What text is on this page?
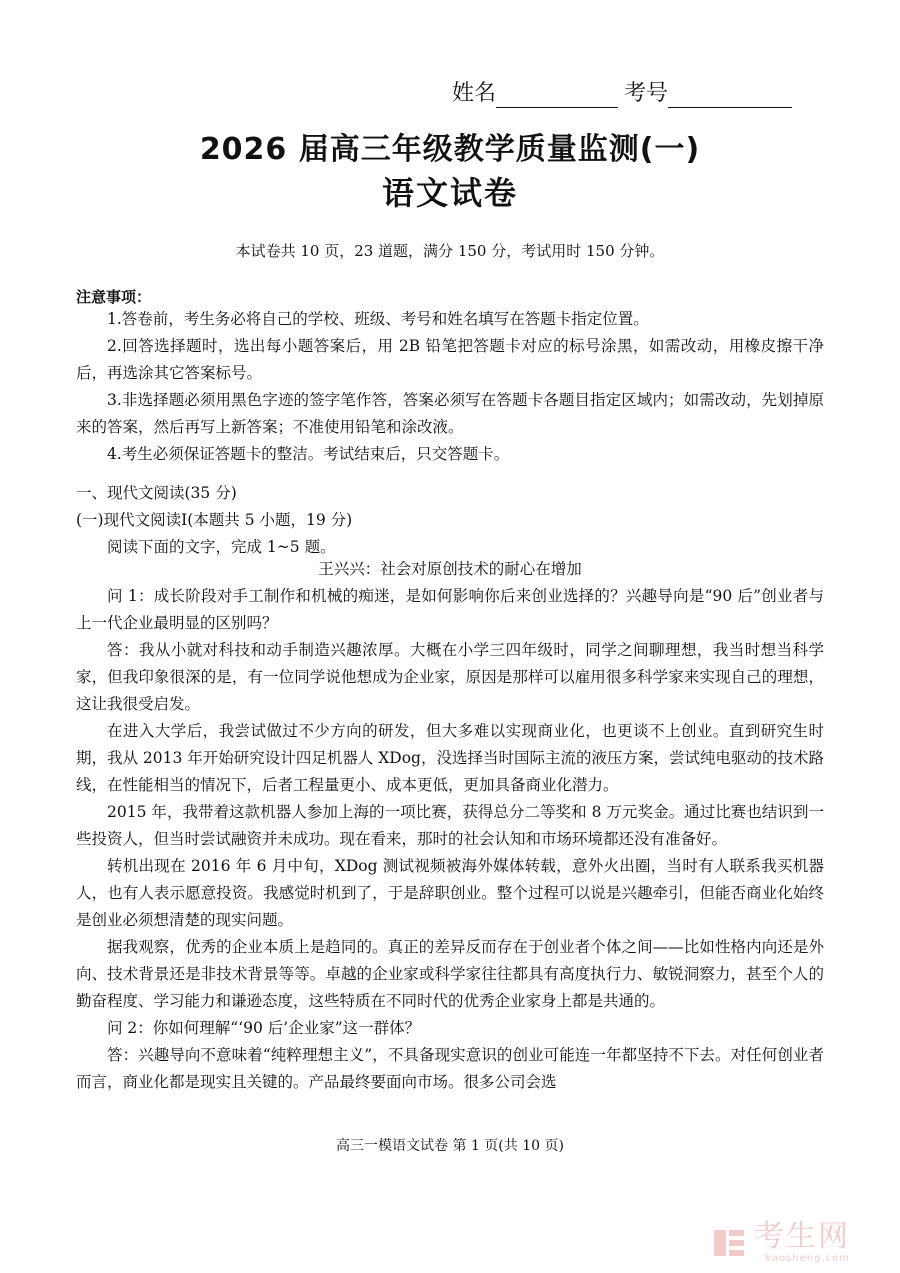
姓名	考号
2026 届高三年级教学质量监测(一)
语文试卷
本试卷共 10 页，23 道题，满分 150 分，考试用时 150 分钟。
注意事项：

1.答卷前，考生务必将自己的学校、班级、考号和姓名填写在答题卡指定位置。

2.回答选择题时，选出每小题答案后，用 2B 铅笔把答题卡对应的标号涂黑，如需改动，用橡皮擦干净后，再选涂其它答案标号。

3.非选择题必须用黑色字迹的签字笔作答，答案必须写在答题卡各题目指定区域内；如需改动，先划掉原来的答案，然后再写上新答案；不准使用铅笔和涂改液。

4.考生必须保证答题卡的整洁。考试结束后，只交答题卡。

一、现代文阅读(35 分)

(一)现代文阅读Ⅰ(本题共 5 小题，19 分)

阅读下面的文字，完成 1~5 题。

王兴兴：社会对原创技术的耐心在增加

问 1：成长阶段对手工制作和机械的痴迷，是如何影响你后来创业选择的？兴趣导向是“90 后”创业者与上一代企业最明显的区别吗？

答：我从小就对科技和动手制造兴趣浓厚。大概在小学三四年级时，同学之间聊理想，我当时想当科学家，但我印象很深的是，有一位同学说他想成为企业家，原因是那样可以雇用很多科学家来实现自己的理想，这让我很受启发。

在进入大学后，我尝试做过不少方向的研发，但大多难以实现商业化，也更谈不上创业。直到研究生时期，我从 2013 年开始研究设计四足机器人 XDog，没选择当时国际主流的液压方案，尝试纯电驱动的技术路线，在性能相当的情况下，后者工程量更小、成本更低，更加具备商业化潜力。

2015 年，我带着这款机器人参加上海的一项比赛，获得总分二等奖和 8 万元奖金。通过比赛也结识到一些投资人，但当时尝试融资并未成功。现在看来，那时的社会认知和市场环境都还没有准备好。

转机出现在 2016 年 6 月中旬，XDog 测试视频被海外媒体转载，意外火出圈，当时有人联系我买机器人，也有人表示愿意投资。我感觉时机到了，于是辞职创业。整个过程可以说是兴趣牵引，但能否商业化始终是创业必须想清楚的现实问题。

据我观察，优秀的企业本质上是趋同的。真正的差异反而存在于创业者个体之间——比如性格内向还是外向、技术背景还是非技术背景等等。卓越的企业家或科学家往往都具有高度执行力、敏锐洞察力，甚至个人的勤奋程度、学习能力和谦逊态度，这些特质在不同时代的优秀企业家身上都是共通的。

问 2：你如何理解“‘90 后’企业家”这一群体？

答：兴趣导向不意味着“纯粹理想主义”，不具备现实意识的创业可能连一年都坚持不下去。对任何创业者而言，商业化都是现实且关键的。产品最终要面向市场。很多公司会选

高三一模语文试卷 第 1 页(共 10 页)
考生网
kaosheng.com
